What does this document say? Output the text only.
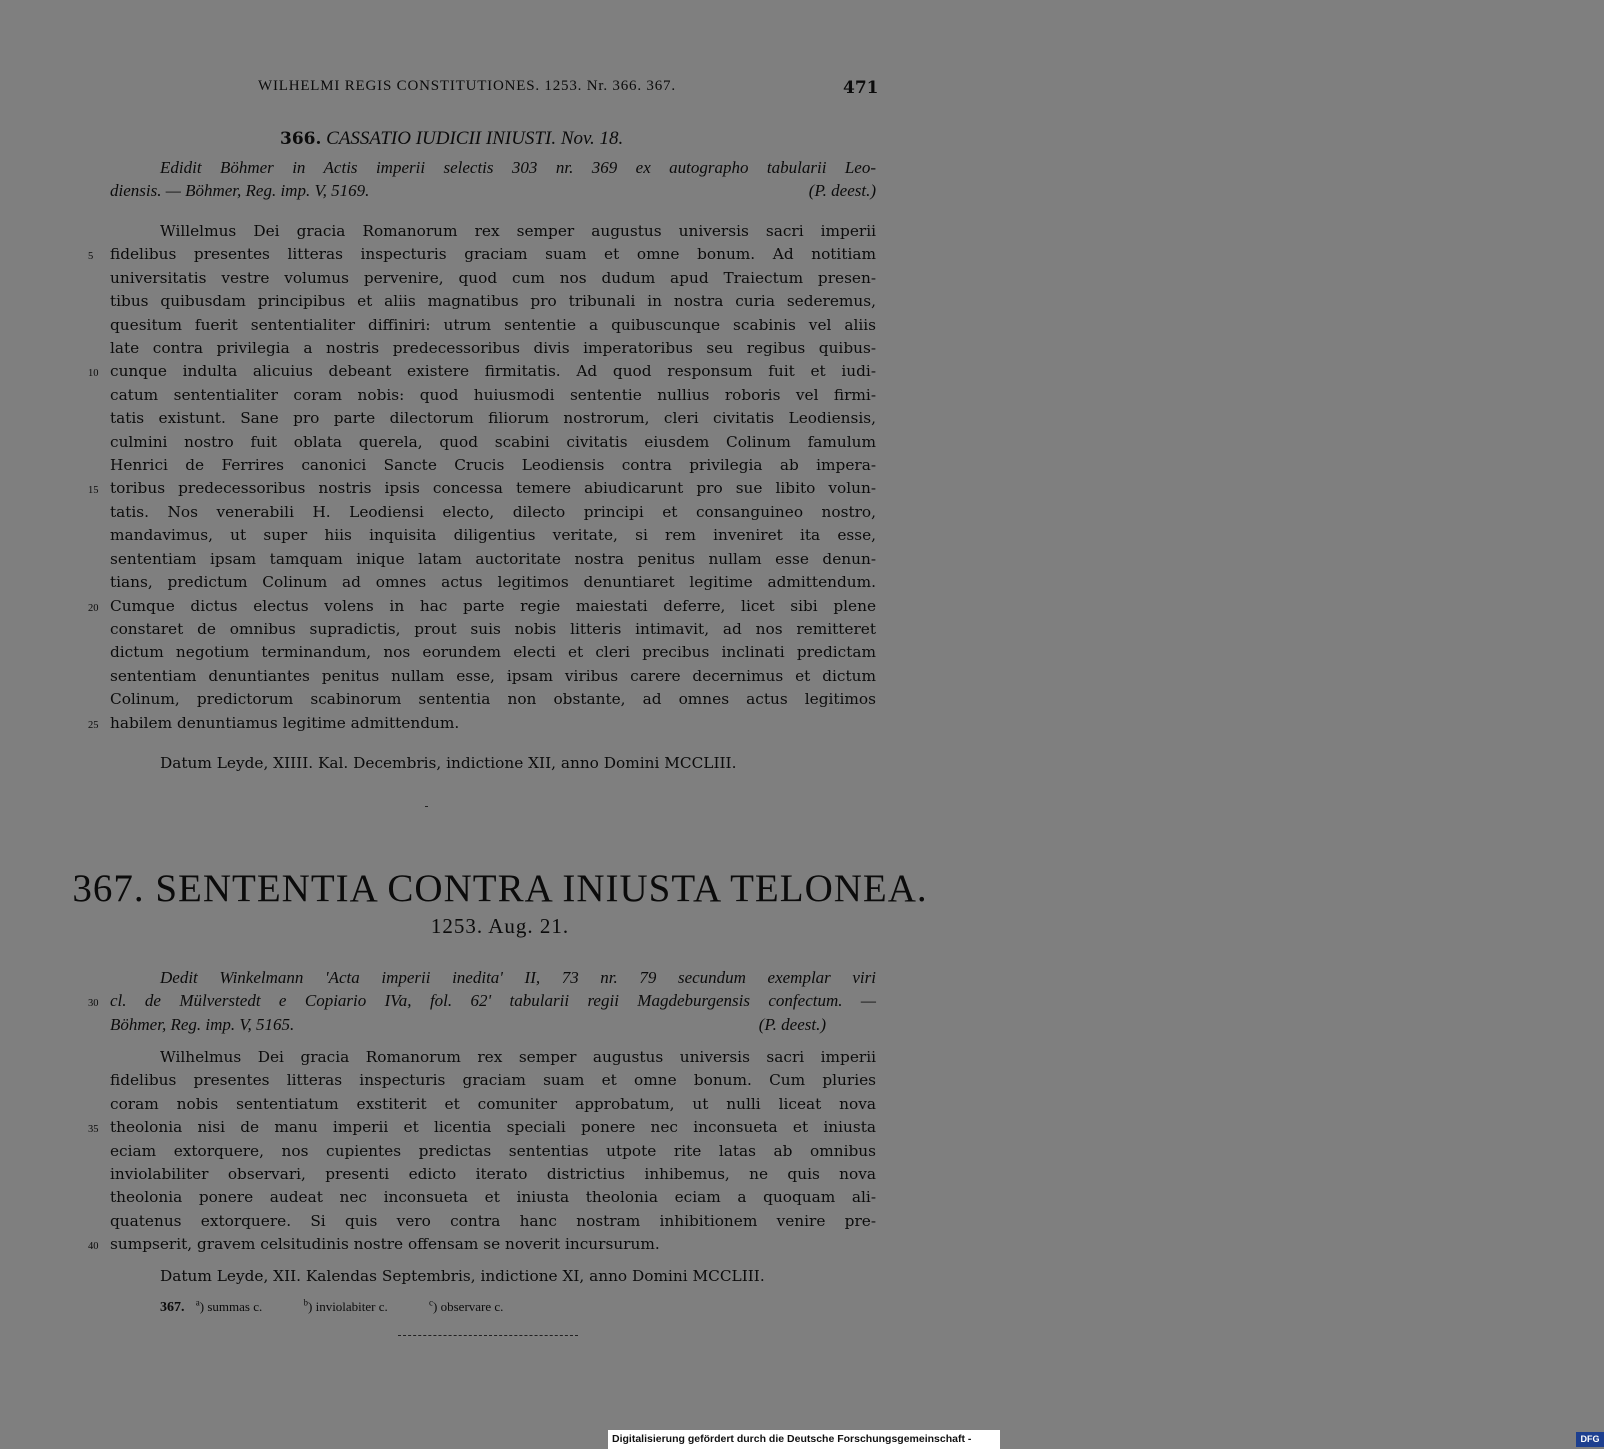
WILHELMI REGIS CONSTITUTIONES. 1253. Nr. 366. 367.	471
366. CASSATIO IUDICII INIUSTI. Nov. 18.
Edidit Böhmer in Actis imperii selectis 303 nr. 369 ex autographo tabularii Leo-
diensis. — Böhmer, Reg. imp. V, 5169.	(P. deest.)
Willelmus Dei gracia Romanorum rex semper augustus universis sacri imperii
5	fidelibus presentes litteras inspecturis graciam suam et omne bonum. Ad notitiam
universitatis vestre volumus pervenire, quod cum nos dudum apud Traiectum presen-
tibus quibusdam principibus et aliis magnatibus pro tribunali in nostra curia sederemus,
quesitum fuerit sententialiter diffiniri: utrum sententie a quibuscunque scabinis vel aliis
late contra privilegia a nostris predecessoribus divis imperatoribus seu regibus quibus-
10 cunque indulta alicuius debeant existere firmitatis. Ad quod responsum fuit et iudi-
catum sententialiter coram nobis: quod huiusmodi sententie nullius roboris vel firmi-
tatis existunt. Sane pro parte dilectorum filiorum nostrorum, cleri civitatis Leodiensis,
culmini nostro fuit oblata querela, quod scabini civitatis eiusdem Colinum famulum
Henrici de Ferrires canonici Sancte Crucis Leodiensis contra privilegia ab impera-
15 toribus predecessoribus nostris ipsis concessa temere abiudicarunt pro sue libito volun-
tatis. Nos venerabili H. Leodiensi electo, dilecto principi et consanguineo nostro,
mandavimus, ut super hiis inquisita diligentius veritate, si rem inveniret ita esse,
sententiam ipsam tamquam inique latam auctoritate nostra penitus nullam esse denun-
tians, predictum Colinum ad omnes actus legitimos denuntiaret legitime admittendum.
20 Cumque dictus electus volens in hac parte regie maiestati deferre, licet sibi plene
constaret de omnibus supradictis, prout suis nobis litteris intimavit, ad nos remitteret
dictum negotium terminandum, nos eorundem electi et cleri precibus inclinati predictam
sententiam denuntiantes penitus nullam esse, ipsam viribus carere decernimus et dictum
Colinum, predictorum scabinorum sententia non obstante, ad omnes actus legitimos
25 habilem denuntiamus legitime admittendum.
Datum Leyde, XIIII. Kal. Decembris, indictione XII, anno Domini MCCLIII.
367. SENTENTIA CONTRA INIUSTA TELONEA.
1253. Aug. 21.
Dedit Winkelmann 'Acta imperii inedita' II, 73 nr. 79 secundum exemplar viri
30 cl. de Mülverstedt e Copiario IVa, fol. 62' tabularii regii Magdeburgensis confectum. —
Böhmer, Reg. imp. V, 5165.	(P. deest.)
Wilhelmus Dei gracia Romanorum rex semper augustus universis sacri imperii
fidelibus presentes litteras inspecturis graciam suam et omne bonum. Cum pluries
coram nobis sententiatum exstiterit et comuniter approbatum, ut nulli liceat nova
35 theolonia nisi de manu imperii et licentia speciali ponere nec inconsueta et iniusta
eciam extorquere, nos cupientes predictas sententias utpote rite latas ab omnibus
inviolabiliter observari, presenti edicto iterato districtius inhibemus, ne quis nova
theolonia ponere audeat nec inconsueta et iniusta theolonia eciam a quoquam ali-
quatenus extorquere. Si quis vero contra hanc nostram inhibitionem venire pre-
40 sumpserit, gravem celsitudinis nostre offensam se noverit incursurum.
Datum Leyde, XII. Kalendas Septembris, indictione XI, anno Domini MCCLIII.
367. $^a$) summas c.	$^b$) inviolabiter c.	$^c$) observare c.
Digitalisierung gefördert durch die Deutsche Forschungsgemeinschaft -	DFG
